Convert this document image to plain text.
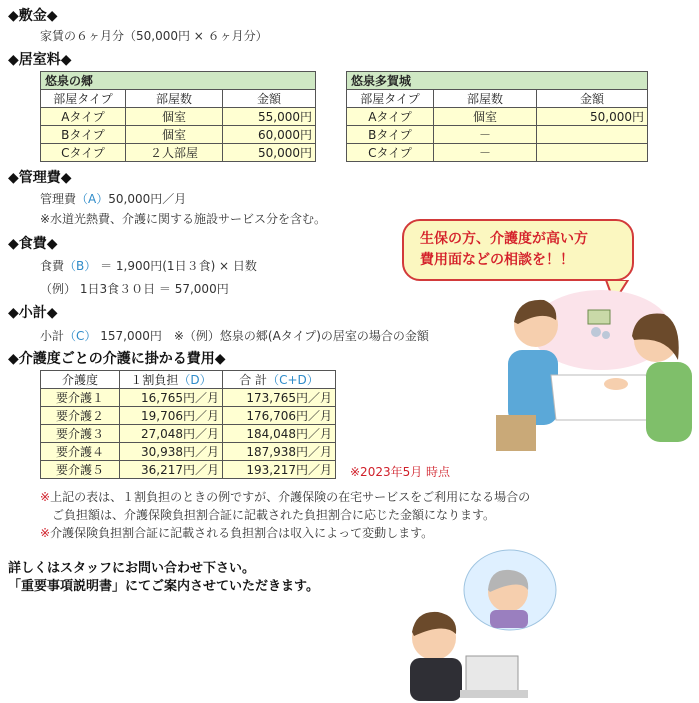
◆敷金◆
家賃の６ヶ月分（50,000円 × ６ヶ月分）
◆居室料◆
悠泉の郷		
部屋タイプ	部屋数	金額
Aタイプ	個室	55,000円
Bタイプ	個室	60,000円
Cタイプ	２人部屋	50,000円
悠泉多賀城		
部屋タイプ	部屋数	金額
Aタイプ	個室	50,000円
Bタイプ	－	
Cタイプ	－	
◆管理費◆
管理費（A）50,000円／月
※水道光熱費、介護に関する施設サービス分を含む。
◆食費◆
食費（B） ＝ 1,900円(1日３食) × 日数
（例） 1日3食３０日 ＝ 57,000円
◆小計◆
小計（C） 157,000円　※（例）悠泉の郷(Aタイプ)の居室の場合の金額
◆介護度ごとの介護に掛かる費用◆
介護度	１割負担（D）	合 計（C+D）
要介護１	16,765円／月	173,765円／月
要介護２	19,706円／月	176,706円／月
要介護３	27,048円／月	184,048円／月
要介護４	30,938円／月	187,938円／月
要介護５	36,217円／月	193,217円／月 ※2023年5月 時点
※上記の表は、１割負担のときの例ですが、介護保険の在宅サービスをご利用になる場合の
ご負担額は、介護保険負担割合証に記載された負担割合に応じた金額になります。
※介護保険負担割合証に記載される負担割合は収入によって変動します。
生保の方、介護度が高い方
費用面などの相談を！！
詳しくはスタッフにお問い合わせ下さい。
「重要事項説明書」にてご案内させていただきます。
